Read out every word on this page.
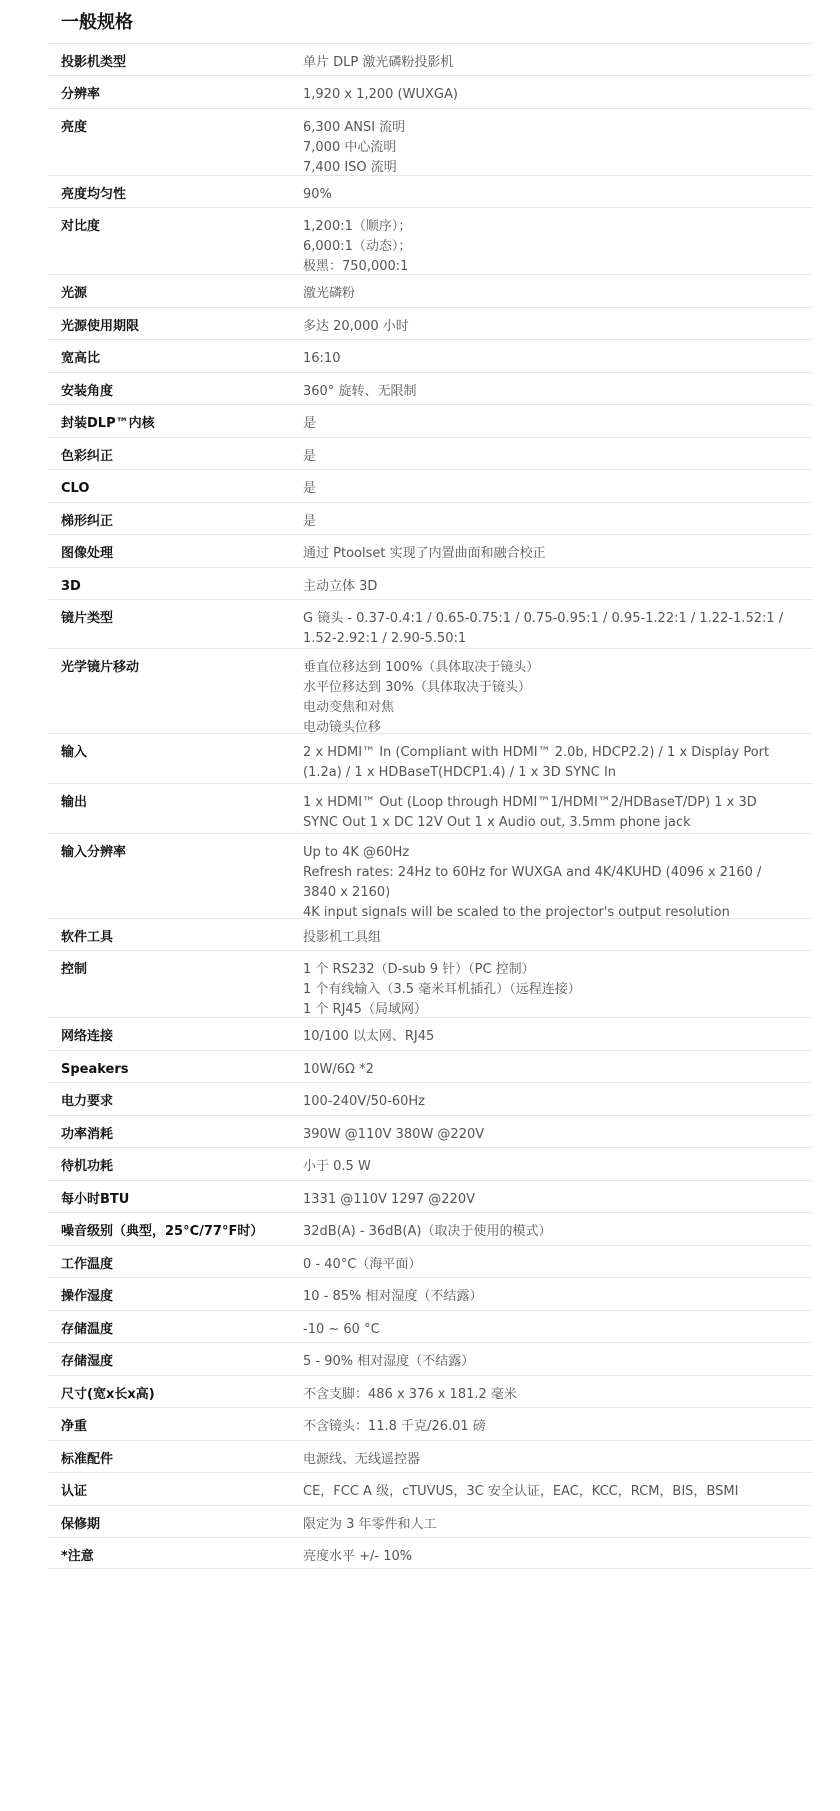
一般规格
投影机类型	单片 DLP 激光磷粉投影机
分辨率	1,920 x 1,200 (WUXGA)
亮度	6,300 ANSI 流明
7,000 中心流明
7,400 ISO 流明
亮度均匀性	90%
对比度	1,200:1（顺序）；
6,000:1（动态）；
极黑：750,000:1
光源	激光磷粉
光源使用期限	多达 20,000 小时
宽高比	16:10
安装角度	360° 旋转、无限制
封装DLP™内核	是
色彩纠正	是
CLO	是
梯形纠正	是
图像处理	通过 Ptoolset 实现了内置曲面和融合校正
3D	主动立体 3D
镜片类型	G 镜头 - 0.37-0.4:1 / 0.65-0.75:1 / 0.75-0.95:1 / 0.95-1.22:1 / 1.22-1.52:1 /
1.52-2.92:1 / 2.90-5.50:1
光学镜片移动	垂直位移达到 100%（具体取决于镜头）
水平位移达到 30%（具体取决于镜头）
电动变焦和对焦
电动镜头位移
输入	2 x HDMI™ In (Compliant with HDMI™ 2.0b, HDCP2.2) / 1 x Display Port
(1.2a) / 1 x HDBaseT(HDCP1.4) / 1 x 3D SYNC In
输出	1 x HDMI™ Out (Loop through HDMI™1/HDMI™2/HDBaseT/DP) 1 x 3D
SYNC Out 1 x DC 12V Out 1 x Audio out, 3.5mm phone jack
输入分辨率	Up to 4K @60Hz
Refresh rates: 24Hz to 60Hz for WUXGA and 4K/4KUHD (4096 x 2160 /
3840 x 2160)
4K input signals will be scaled to the projector's output resolution
软件工具	投影机工具组
控制	1 个 RS232（D-sub 9 针）（PC 控制）
1 个有线输入（3.5 毫米耳机插孔）（远程连接）
1 个 RJ45（局域网）
网络连接	10/100 以太网、RJ45
Speakers	10W/6Ω *2
电力要求	100-240V/50-60Hz
功率消耗	390W @110V 380W @220V
待机功耗	小于 0.5 W
每小时BTU	1331 @110V 1297 @220V
噪音级别（典型，25°C/77°F时）	32dB(A) - 36dB(A)（取决于使用的模式）
工作温度	0 - 40°C（海平面）
操作湿度	10 - 85% 相对湿度（不结露）
存储温度	-10 ~ 60 °C
存储湿度	5 - 90% 相对湿度（不结露）
尺寸(宽x长x高)	不含支脚：486 x 376 x 181.2 毫米
净重	不含镜头：11.8 千克/26.01 磅
标准配件	电源线、无线遥控器
认证	CE，FCC A 级，cTUVUS，3C 安全认证，EAC，KCC，RCM，BIS，BSMI
保修期	限定为 3 年零件和人工
*注意	亮度水平 +/- 10%
